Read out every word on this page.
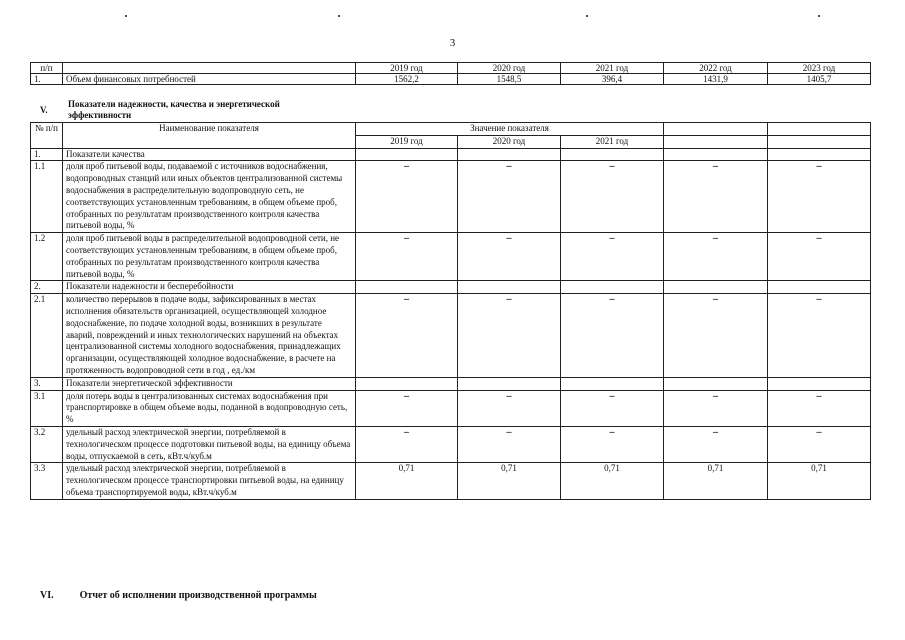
3
п/п		2019 год	2020 год	2021 год	2022 год	2023 год
1.	Объем финансовых потребностей	1562,2	1548,5	396,4	1431,9	1405,7
V.
Показатели надежности, качества и энергетической эффективности
№ п/п	Наименование показателя	Значение показателя				
		2019 год	2020 год	2021 год		
1.	Показатели качества					
1.1	доля проб питьевой воды, подаваемой с источников водоснабжения, водопроводных станций или иных объектов централизованной системы водоснабжения в распределительную водопроводную сеть, не соответствующих установленным требованиям, в общем объеме проб, отобранных по результатам производственного контроля качества питьевой воды, %	–	–	–	–	–
1.2	доля проб питьевой воды в распределительной водопроводной сети, не соответствующих установленным требованиям, в общем объеме проб, отобранных по результатам производственного контроля качества питьевой воды, %	–	–	–	–	–
2.	Показатели надежности и бесперебойности					
2.1	количество перерывов в подаче воды, зафиксированных в местах исполнения обязательств организацией, осуществляющей холодное водоснабжение, по подаче холодной воды, возникших в результате аварий, повреждений и иных технологических нарушений на объектах централизованной системы холодного водоснабжения, принадлежащих организации, осуществляющей холодное водоснабжение, в расчете на протяженность водопроводной сети в год , ед./км	–	–	–	–	–
3.	Показатели энергетической эффективности					
3.1	доля потерь воды в централизованных системах водоснабжения при транспортировке в общем объеме воды, поданной в водопроводную сеть, %	–	–	–	–	–
3.2	удельный расход электрической энергии, потребляемой в технологическом процессе подготовки питьевой воды, на единицу объема воды, отпускаемой в сеть, кВт.ч/куб.м	–	–	–	–	–
3.3	удельный расход электрической энергии, потребляемой в технологическом процессе транспортировки питьевой воды, на единицу объема транспортируемой воды, кВт.ч/куб.м	0,71	0,71	0,71	0,71	0,71
VI.	Отчет об исполнении производственной программы
